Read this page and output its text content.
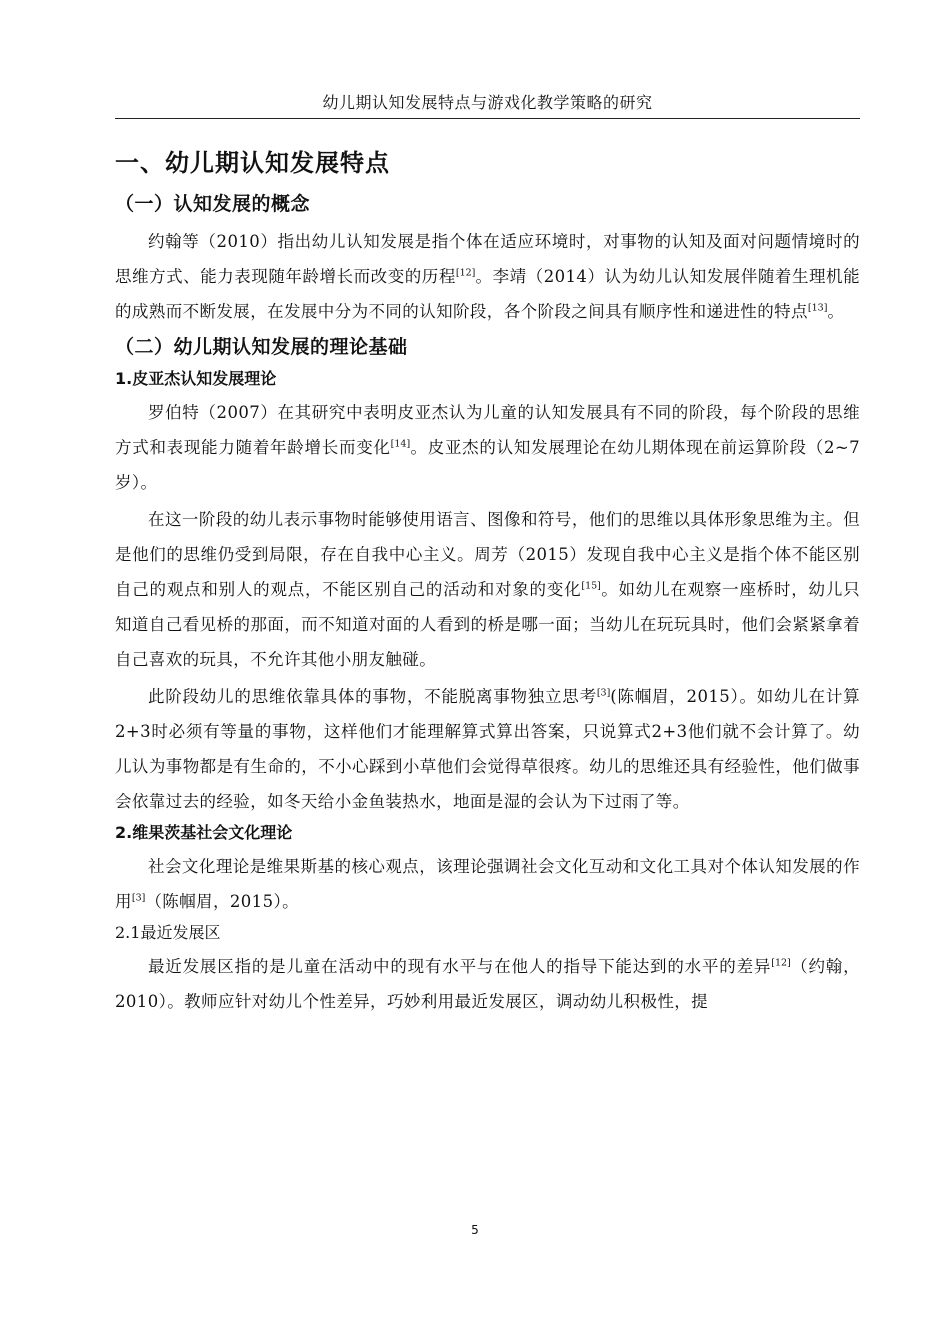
幼儿期认知发展特点与游戏化教学策略的研究
一、幼儿期认知发展特点
（一）认知发展的概念

约翰等（2010）指出幼儿认知发展是指个体在适应环境时，对事物的认知及面对问题情境时的思维方式、能力表现随年龄增长而改变的历程[12]。李靖（2014）认为幼儿认知发展伴随着生理机能的成熟而不断发展，在发展中分为不同的认知阶段，各个阶段之间具有顺序性和递进性的特点[13]。

（二）幼儿期认知发展的理论基础
1.皮亚杰认知发展理论

罗伯特（2007）在其研究中表明皮亚杰认为儿童的认知发展具有不同的阶段，每个阶段的思维方式和表现能力随着年龄增长而变化[14]。皮亚杰的认知发展理论在幼儿期体现在前运算阶段（2~7岁）。

在这一阶段的幼儿表示事物时能够使用语言、图像和符号，他们的思维以具体形象思维为主。但是他们的思维仍受到局限，存在自我中心主义。周芳（2015）发现自我中心主义是指个体不能区别自己的观点和别人的观点，不能区别自己的活动和对象的变化[15]。如幼儿在观察一座桥时，幼儿只知道自己看见桥的那面，而不知道对面的人看到的桥是哪一面；当幼儿在玩玩具时，他们会紧紧拿着自己喜欢的玩具，不允许其他小朋友触碰。

此阶段幼儿的思维依靠具体的事物，不能脱离事物独立思考[3](陈帼眉，2015）。如幼儿在计算2+3时必须有等量的事物，这样他们才能理解算式算出答案，只说算式2+3他们就不会计算了。幼儿认为事物都是有生命的，不小心踩到小草他们会觉得草很疼。幼儿的思维还具有经验性，他们做事会依靠过去的经验，如冬天给小金鱼装热水，地面是湿的会认为下过雨了等。

2.维果茨基社会文化理论

社会文化理论是维果斯基的核心观点，该理论强调社会文化互动和文化工具对个体认知发展的作用[3]（陈帼眉，2015）。

2.1最近发展区

最近发展区指的是儿童在活动中的现有水平与在他人的指导下能达到的水平的差异[12]（约翰，2010）。教师应针对幼儿个性差异，巧妙利用最近发展区，调动幼儿积极性，提

5
